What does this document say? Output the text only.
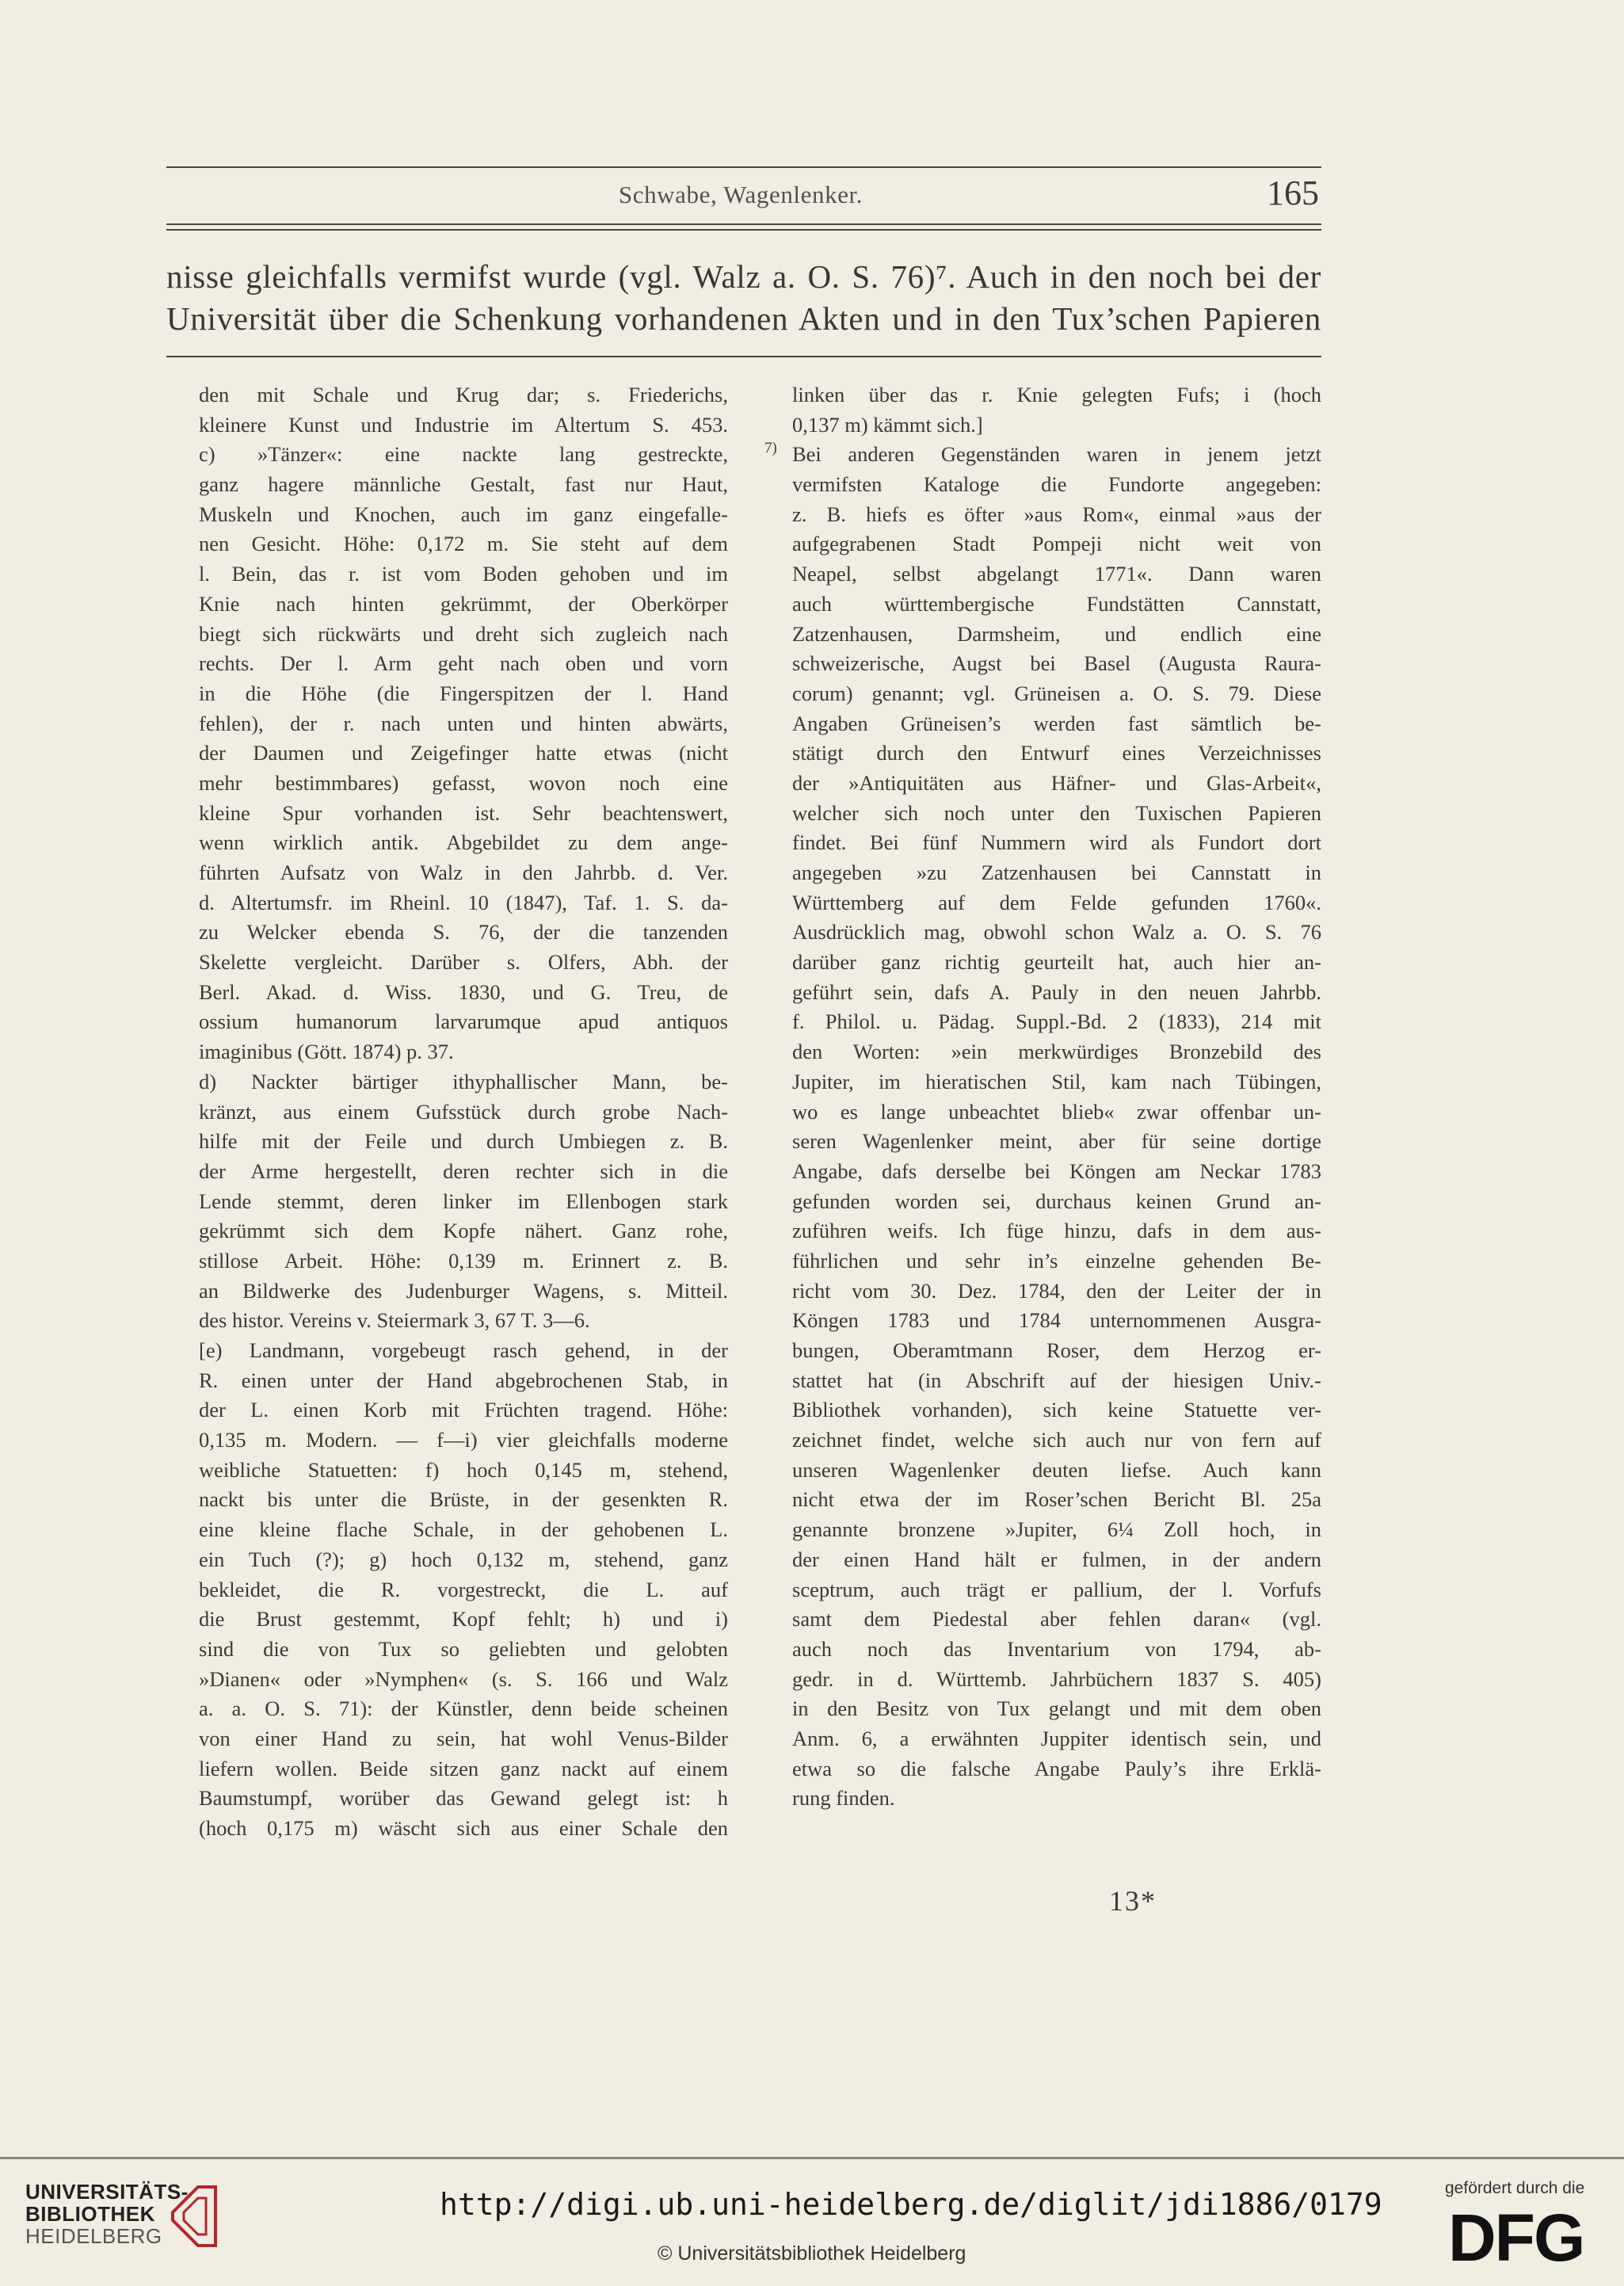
Schwabe, Wagenlenker.	165
nisse gleichfalls vermifst wurde (vgl. Walz a. O. S. 76)⁷. Auch in den noch bei der
Universität über die Schenkung vorhandenen Akten und in den Tux’schen Papieren
den mit Schale und Krug dar; s. Friederichs,
kleinere Kunst und Industrie im Altertum S. 453.
c) »Tänzer«: eine nackte lang gestreckte,
ganz hagere männliche Gestalt, fast nur Haut,
Muskeln und Knochen, auch im ganz eingefalle-
nen Gesicht. Höhe: 0,172 m. Sie steht auf dem
l. Bein, das r. ist vom Boden gehoben und im
Knie nach hinten gekrümmt, der Oberkörper
biegt sich rückwärts und dreht sich zugleich nach
rechts. Der l. Arm geht nach oben und vorn
in die Höhe (die Fingerspitzen der l. Hand
fehlen), der r. nach unten und hinten abwärts,
der Daumen und Zeigefinger hatte etwas (nicht
mehr bestimmbares) gefasst, wovon noch eine
kleine Spur vorhanden ist. Sehr beachtenswert,
wenn wirklich antik. Abgebildet zu dem ange-
führten Aufsatz von Walz in den Jahrbb. d. Ver.
d. Altertumsfr. im Rheinl. 10 (1847), Taf. 1. S. da-
zu Welcker ebenda S. 76, der die tanzenden
Skelette vergleicht. Darüber s. Olfers, Abh. der
Berl. Akad. d. Wiss. 1830, und G. Treu, de
ossium humanorum larvarumque apud antiquos
imaginibus (Gött. 1874) p. 37.
d) Nackter bärtiger ithyphallischer Mann, be-
kränzt, aus einem Gufsstück durch grobe Nach-
hilfe mit der Feile und durch Umbiegen z. B.
der Arme hergestellt, deren rechter sich in die
Lende stemmt, deren linker im Ellenbogen stark
gekrümmt sich dem Kopfe nähert. Ganz rohe,
stillose Arbeit. Höhe: 0,139 m. Erinnert z. B.
an Bildwerke des Judenburger Wagens, s. Mitteil.
des histor. Vereins v. Steiermark 3, 67 T. 3—6.
[e) Landmann, vorgebeugt rasch gehend, in der
R. einen unter der Hand abgebrochenen Stab, in
der L. einen Korb mit Früchten tragend. Höhe:
0,135 m. Modern. — f—i) vier gleichfalls moderne
weibliche Statuetten: f) hoch 0,145 m, stehend,
nackt bis unter die Brüste, in der gesenkten R.
eine kleine flache Schale, in der gehobenen L.
ein Tuch (?); g) hoch 0,132 m, stehend, ganz
bekleidet, die R. vorgestreckt, die L. auf
die Brust gestemmt, Kopf fehlt; h) und i)
sind die von Tux so geliebten und gelobten
»Dianen« oder »Nymphen« (s. S. 166 und Walz
a. a. O. S. 71): der Künstler, denn beide scheinen
von einer Hand zu sein, hat wohl Venus-Bilder
liefern wollen. Beide sitzen ganz nackt auf einem
Baumstumpf, worüber das Gewand gelegt ist: h
(hoch 0,175 m) wäscht sich aus einer Schale den
linken über das r. Knie gelegten Fufs; i (hoch
0,137 m) kämmt sich.]
7) Bei anderen Gegenständen waren in jenem jetzt
vermifsten Kataloge die Fundorte angegeben:
z. B. hiefs es öfter »aus Rom«, einmal »aus der
aufgegrabenen Stadt Pompeji nicht weit von
Neapel, selbst abgelangt 1771«. Dann waren
auch württembergische Fundstätten Cannstatt,
Zatzenhausen, Darmsheim, und endlich eine
schweizerische, Augst bei Basel (Augusta Raura-
corum) genannt; vgl. Grüneisen a. O. S. 79. Diese
Angaben Grüneisen’s werden fast sämtlich be-
stätigt durch den Entwurf eines Verzeichnisses
der »Antiquitäten aus Häfner- und Glas-Arbeit«,
welcher sich noch unter den Tuxischen Papieren
findet. Bei fünf Nummern wird als Fundort dort
angegeben »zu Zatzenhausen bei Cannstatt in
Württemberg auf dem Felde gefunden 1760«.
Ausdrücklich mag, obwohl schon Walz a. O. S. 76
darüber ganz richtig geurteilt hat, auch hier an-
geführt sein, dafs A. Pauly in den neuen Jahrbb.
f. Philol. u. Pädag. Suppl.-Bd. 2 (1833), 214 mit
den Worten: »ein merkwürdiges Bronzebild des
Jupiter, im hieratischen Stil, kam nach Tübingen,
wo es lange unbeachtet blieb« zwar offenbar un-
seren Wagenlenker meint, aber für seine dortige
Angabe, dafs derselbe bei Köngen am Neckar 1783
gefunden worden sei, durchaus keinen Grund an-
zuführen weifs. Ich füge hinzu, dafs in dem aus-
führlichen und sehr in’s einzelne gehenden Be-
richt vom 30. Dez. 1784, den der Leiter der in
Köngen 1783 und 1784 unternommenen Ausgra-
bungen, Oberamtmann Roser, dem Herzog er-
stattet hat (in Abschrift auf der hiesigen Univ.-
Bibliothek vorhanden), sich keine Statuette ver-
zeichnet findet, welche sich auch nur von fern auf
unseren Wagenlenker deuten liefse. Auch kann
nicht etwa der im Roser’schen Bericht Bl. 25a
genannte bronzene »Jupiter, 6¼ Zoll hoch, in
der einen Hand hält er fulmen, in der andern
sceptrum, auch trägt er pallium, der l. Vorfufs
samt dem Piedestal aber fehlen daran« (vgl.
auch noch das Inventarium von 1794, ab-
gedr. in d. Württemb. Jahrbüchern 1837 S. 405)
in den Besitz von Tux gelangt und mit dem oben
Anm. 6, a erwähnten Juppiter identisch sein, und
etwa so die falsche Angabe Pauly’s ihre Erklä-
rung finden.
13*
UNIVERSITÄTS-
BIBLIOTHEK
HEIDELBERG
http://digi.ub.uni-heidelberg.de/diglit/jdi1886/0179
© Universitätsbibliothek Heidelberg
gefördert durch die
DFG
